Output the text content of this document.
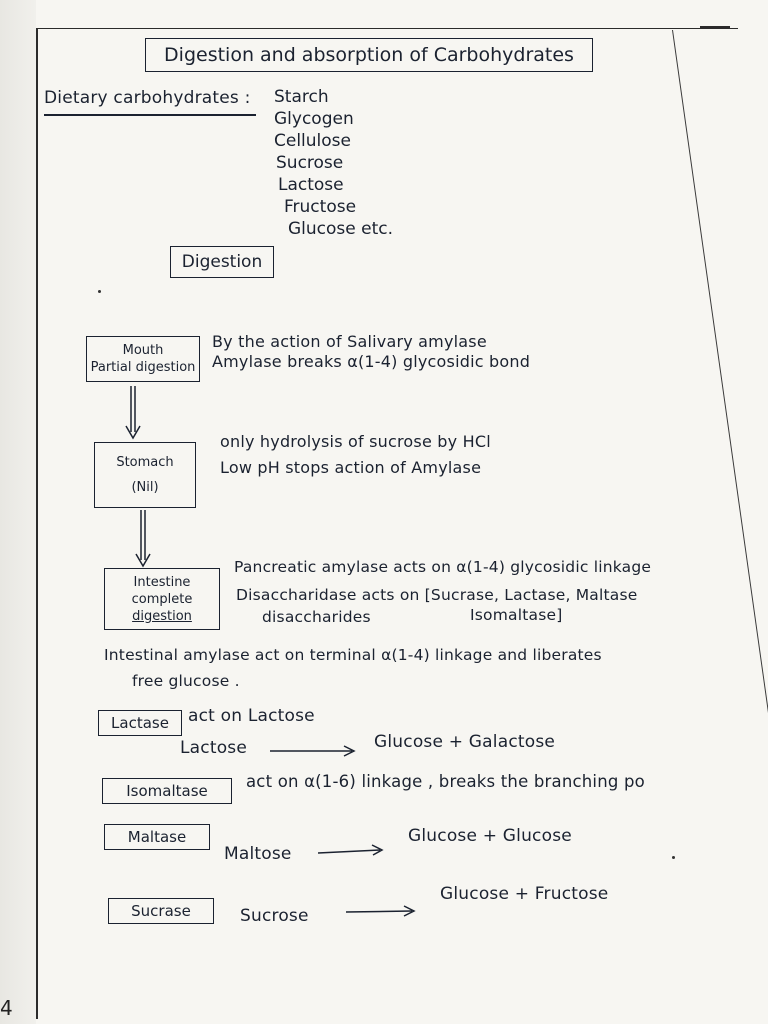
Digestion and absorption of Carbohydrates
Dietary carbohydrates : Starch
Glycogen
Cellulose
Sucrose
Lactose
Fructose
Glucose etc.
Digestion
Mouth
Partial digestion
By the action of Salivary amylase
Amylase breaks α(1-4) glycosidic bond
Stomach
(Nil)
only hydrolysis of sucrose by HCl
Low pH stops action of Amylase
Intestine
complete
digestion
Pancreatic amylase acts on α(1-4) glycosidic linkage
Disaccharidase acts on [Sucrase, Lactase, Maltase
disaccharides	Isomaltase]
Intestinal amylase act on terminal α(1-4) linkage and liberates
free glucose .
Lactase	act on Lactose
Lactose	Glucose + Galactose
Isomaltase	act on α(1-6) linkage , breaks the branching po
Maltase
Maltose
Glucose + Glucose
Sucrase	Sucrose
Glucose + Fructose
4
